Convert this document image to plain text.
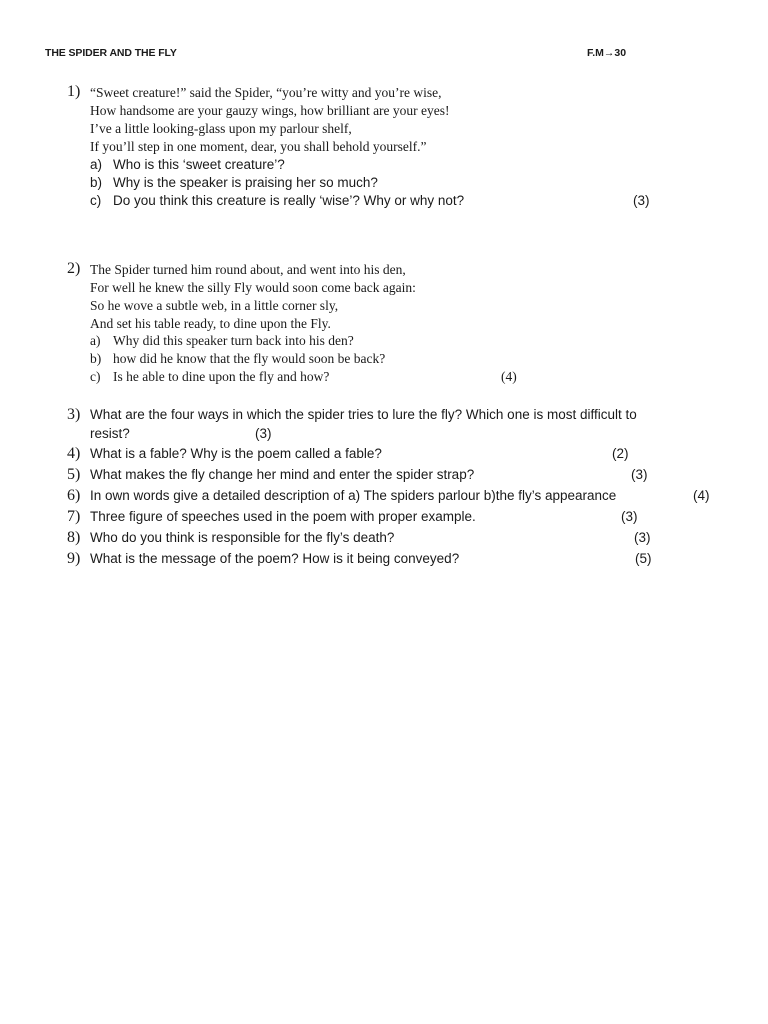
THE SPIDER AND THE FLY	F.M→30
1) “Sweet creature!” said the Spider, “you’re witty and you’re wise,
How handsome are your gauzy wings, how brilliant are your eyes!
I’ve a little looking-glass upon my parlour shelf,
If you’ll step in one moment, dear, you shall behold yourself.”
a) Who is this ‘sweet creature’?
b) Why is the speaker is praising her so much?
c) Do you think this creature is really ‘wise’? Why or why not?	(3)
2) The Spider turned him round about, and went into his den,
For well he knew the silly Fly would soon come back again:
So he wove a subtle web, in a little corner sly,
And set his table ready, to dine upon the Fly.
a) Why did this speaker turn back into his den?
b) how did he know that the fly would soon be back?
c) Is he able to dine upon the fly and how?	(4)
3) What are the four ways in which the spider tries to lure the fly? Which one is most difficult to
resist?	(3)
4) What is a fable? Why is the poem called a fable?	(2)
5) What makes the fly change her mind and enter the spider strap?	(3)
6) In own words give a detailed description of a) The spiders parlour b)the fly’s appearance	(4)
7) Three figure of speeches used in the poem with proper example.	(3)
8) Who do you think is responsible for the fly’s death?	(3)
9) What is the message of the poem? How is it being conveyed?	(5)
